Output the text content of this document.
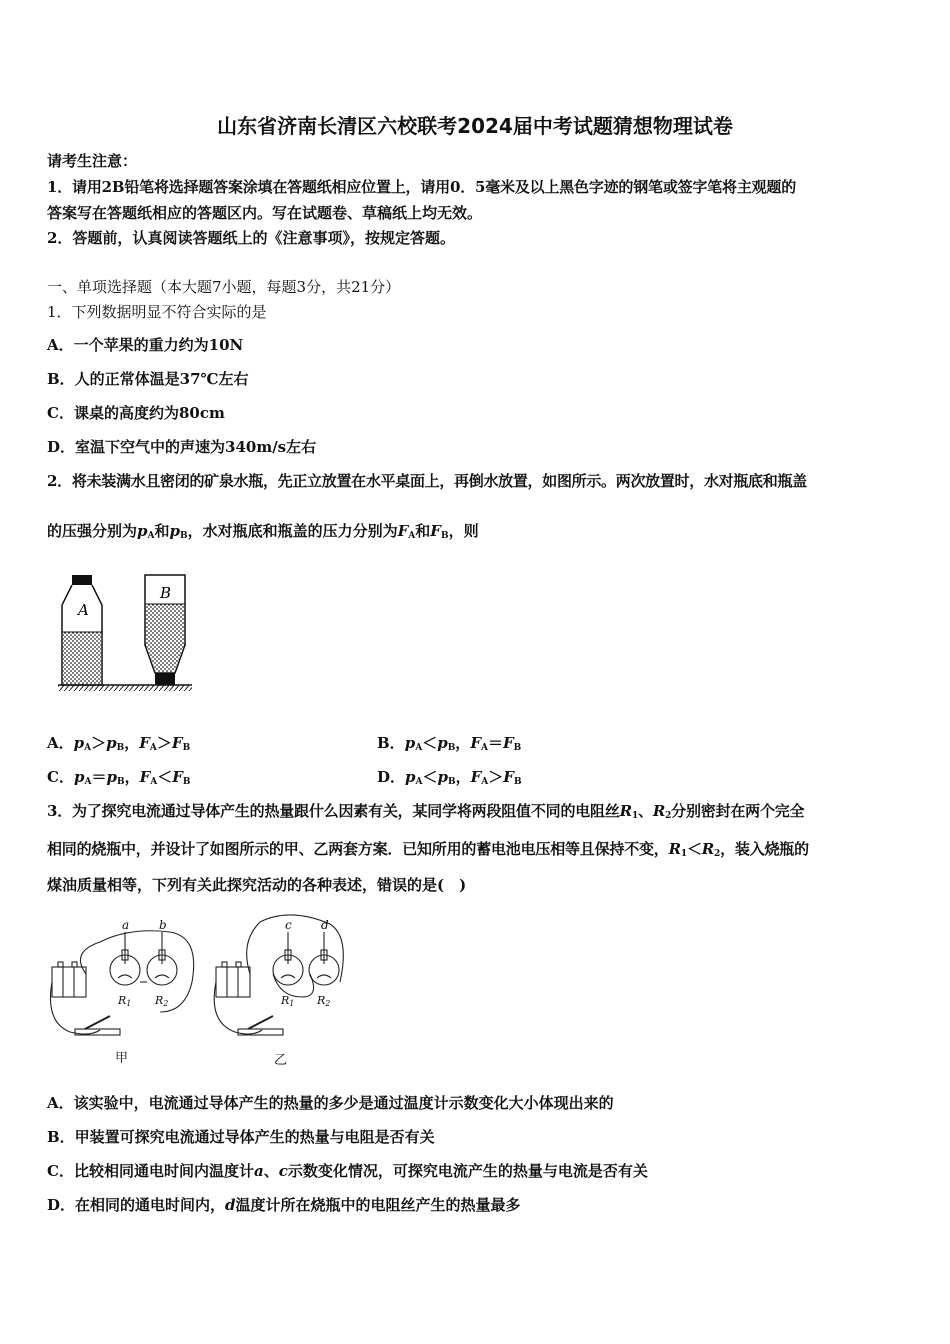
山东省济南长清区六校联考2024届中考试题猜想物理试卷
请考生注意：
1．请用2B铅笔将选择题答案涂填在答题纸相应位置上，请用0．5毫米及以上黑色字迹的钢笔或签字笔将主观题的
答案写在答题纸相应的答题区内。写在试题卷、草稿纸上均无效。
2．答题前，认真阅读答题纸上的《注意事项》，按规定答题。
一、单项选择题（本大题7小题，每题3分，共21分）
1．下列数据明显不符合实际的是
A．一个苹果的重力约为10N
B．人的正常体温是37℃左右
C．课桌的高度约为80cm
D．室温下空气中的声速为340m/s左右
2．将未装满水且密闭的矿泉水瓶，先正立放置在水平桌面上，再倒水放置，如图所示。两次放置时，水对瓶底和瓶盖
的压强分别为$p_A$和$p_B$，水对瓶底和瓶盖的压力分别为$F_A$和$F_B$，则
A
B
A．$p_A>p_B$，$F_A>F_B$	B．$p_A<p_B$，$F_A=F_B$
C．$p_A=p_B$，$F_A<F_B$	D．$p_A<p_B$，$F_A>F_B$
3．为了探究电流通过导体产生的热量跟什么因素有关，某同学将两段阻值不同的电阻丝$R_1$、$R_2$分别密封在两个完全
相同的烧瓶中，并设计了如图所示的甲、乙两套方案．已知所用的蓄电池电压相等且保持不变，$R_1<R_2$，装入烧瓶的
煤油质量相等，下列有关此探究活动的各种表述，错误的是(　)
a b	c d
R1 R2	R1 R2
甲	乙
A．该实验中，电流通过导体产生的热量的多少是通过温度计示数变化大小体现出来的
B．甲装置可探究电流通过导体产生的热量与电阻是否有关
C．比较相同通电时间内温度计a、c示数变化情况，可探究电流产生的热量与电流是否有关
D．在相同的通电时间内，d温度计所在烧瓶中的电阻丝产生的热量最多
